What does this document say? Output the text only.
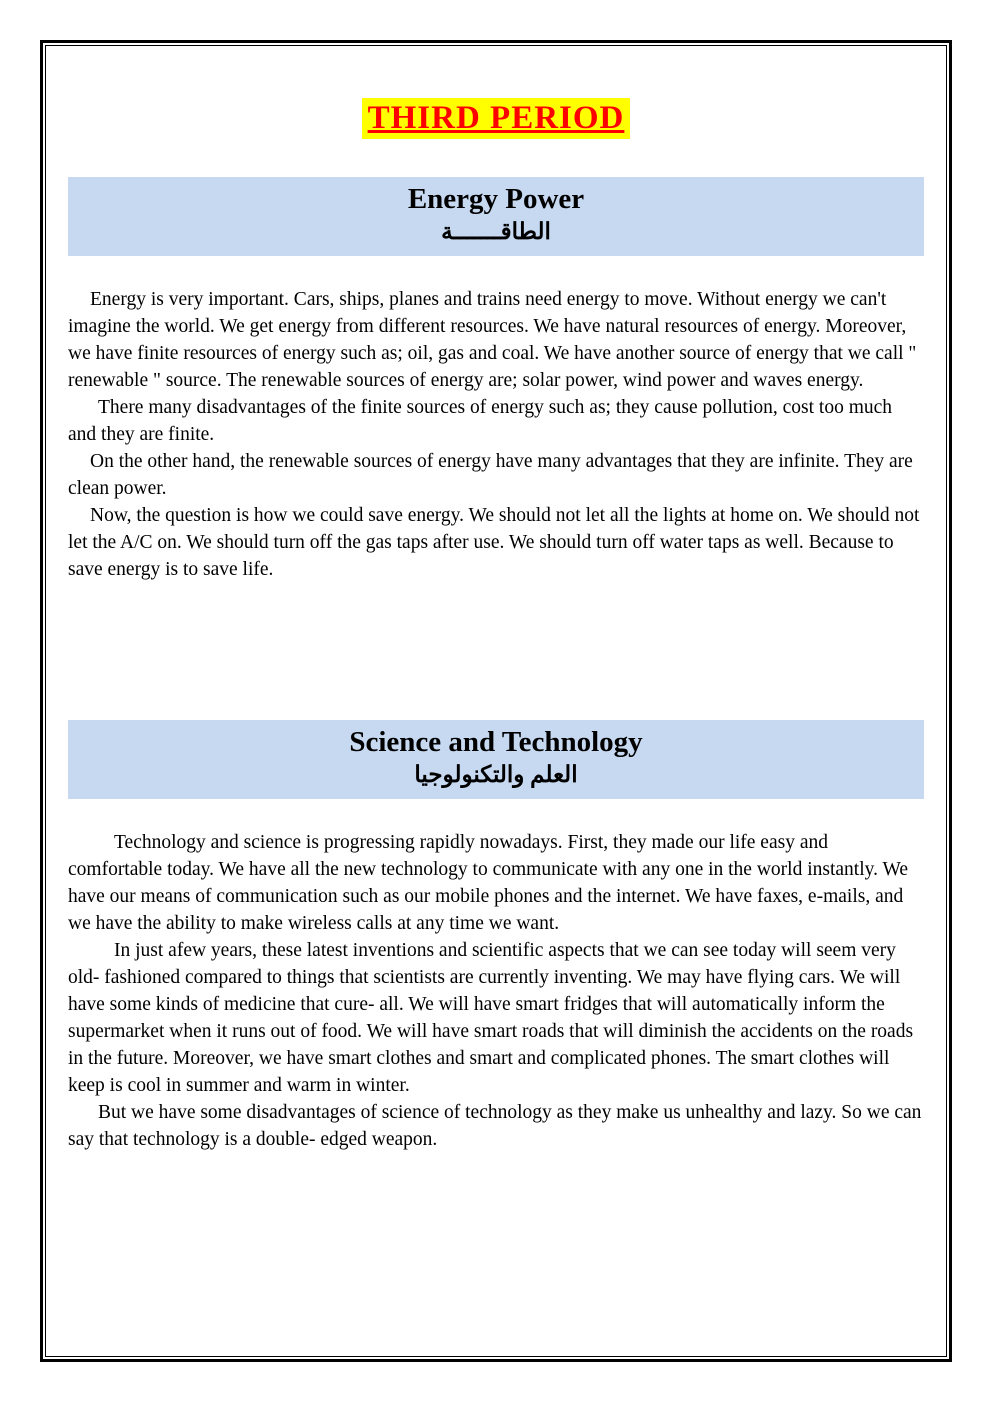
THIRD PERIOD
Energy Power
الطاقـــــــة

Energy is very important. Cars, ships, planes and trains need energy to move. Without energy we can't imagine the world. We get energy from different resources. We have natural resources of energy. Moreover, we have finite resources of energy such as; oil, gas and coal. We have another source of energy that we call " renewable " source. The renewable sources of energy are; solar power, wind power and waves energy.

There many disadvantages of the finite sources of energy such as; they cause pollution, cost too much and they are finite.

On the other hand, the renewable sources of energy have many advantages that they are infinite. They are clean power.

Now, the question is how we could save energy. We should not let all the lights at home on. We should not let the A/C on. We should turn off the gas taps after use. We should turn off water taps as well. Because to save energy is to save life.

Science and Technology
العلم والتكنولوجيا

Technology and science is progressing rapidly nowadays. First, they made our life easy and comfortable today. We have all the new technology to communicate with any one in the world instantly. We have our means of communication such as our mobile phones and the internet. We have faxes, e-mails, and we have the ability to make wireless calls at any time we want.

In just afew years, these latest inventions and scientific aspects that we can see today will seem very old- fashioned compared to things that scientists are currently inventing. We may have flying cars. We will have some kinds of medicine that cure- all. We will have smart fridges that will automatically inform the supermarket when it runs out of food. We will have smart roads that will diminish the accidents on the roads in the future. Moreover, we have smart clothes and smart and complicated phones. The smart clothes will keep is cool in summer and warm in winter.

But we have some disadvantages of science of technology as they make us unhealthy and lazy. So we can say that technology is a double- edged weapon.
